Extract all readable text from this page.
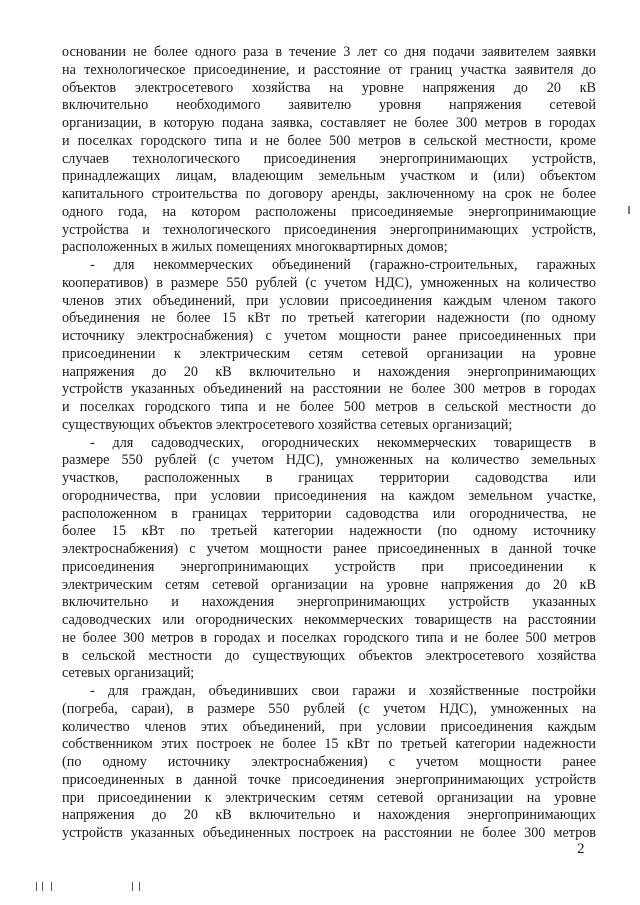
основании не более одного раза в течение 3 лет со дня подачи заявителем заявки
на технологическое присоединение, и расстояние от границ участка заявителя до
объектов электросетевого хозяйства на уровне напряжения до 20 кВ
включительно необходимого заявителю уровня напряжения сетевой
организации, в которую подана заявка, составляет не более 300 метров в городах
и поселках городского типа и не более 500 метров в сельской местности, кроме
случаев технологического присоединения энергопринимающих устройств,
принадлежащих лицам, владеющим земельным участком и (или) объектом
капитального строительства по договору аренды, заключенному на срок не более
одного года, на котором расположены присоединяемые энергопринимающие
устройства и технологического присоединения энергопринимающих устройств,
расположенных в жилых помещениях многоквартирных домов;
- для некоммерческих объединений (гаражно-строительных, гаражных
кооперативов) в размере 550 рублей (с учетом НДС), умноженных на количество
членов этих объединений, при условии присоединения каждым членом такого
объединения не более 15 кВт по третьей категории надежности (по одному
источнику электроснабжения) с учетом мощности ранее присоединенных при
присоединении к электрическим сетям сетевой организации на уровне
напряжения до 20 кВ включительно и нахождения энергопринимающих
устройств указанных объединений на расстоянии не более 300 метров в городах
и поселках городского типа и не более 500 метров в сельской местности до
существующих объектов электросетевого хозяйства сетевых организаций;
- для садоводческих, огороднических некоммерческих товариществ в
размере 550 рублей (с учетом НДС), умноженных на количество земельных
участков, расположенных в границах территории садоводства или
огородничества, при условии присоединения на каждом земельном участке,
расположенном в границах территории садоводства или огородничества, не
более 15 кВт по третьей категории надежности (по одному источнику
электроснабжения) с учетом мощности ранее присоединенных в данной точке
присоединения энергопринимающих устройств при присоединении к
электрическим сетям сетевой организации на уровне напряжения до 20 кВ
включительно и нахождения энергопринимающих устройств указанных
садоводческих или огороднических некоммерческих товариществ на расстоянии
не более 300 метров в городах и поселках городского типа и не более 500 метров
в сельской местности до существующих объектов электросетевого хозяйства
сетевых организаций;
- для граждан, объединивших свои гаражи и хозяйственные постройки
(погреба, сараи), в размере 550 рублей (с учетом НДС), умноженных на
количество членов этих объединений, при условии присоединения каждым
собственником этих построек не более 15 кВт по третьей категории надежности
(по одному источнику электроснабжения) с учетом мощности ранее
присоединенных в данной точке присоединения энергопринимающих устройств
при присоединении к электрическим сетям сетевой организации на уровне
напряжения до 20 кВ включительно и нахождения энергопринимающих
устройств указанных объединенных построек на расстоянии не более 300 метров
2
